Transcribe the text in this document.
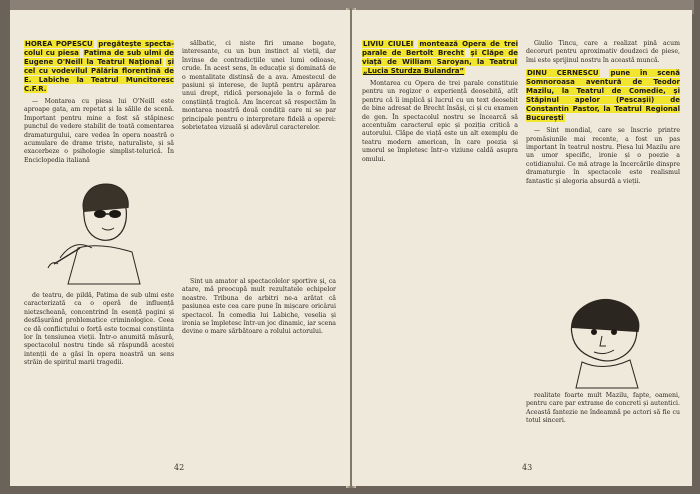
HOREA POPESCU pregătește specta-colul cu piesa Patima de sub ulmi de Eugene O'Neill la Teatrul Național și cel cu vodevilul Pălăria florentină de E. Labiche la Teatrul Muncitoresc C.F.R.

— Montarea cu piesa lui O'Neill este aproape gata, am repetat și la sălile de scenă. Important pentru mine a fost să stăpinesc punctul de vedere stabilit de toată comentarea dramaturgului, care vedea în opera noastră o acumulare de drame triste, naturaliste, și să exacerbeze o psihologie simplist-telurică. În Enciclopedia italiană

de teatru, de pildă, Patima de sub ulmi este caracterizată ca o operă de influență nietzscheană, concentrind în esență pagini și desfășurând problematice criminologice. Ceea ce dă conflictului o forță este tocmai conștiința lor în tensiunea vieții. Într-o anumită măsură, spectacolul nostru tinde să răspundă acestei intenții de a găsi în opera noastră un sens străin de spiritul marii tragedii.

sălbatic, ci niste firi umane bogate, interesante, cu un bun instinct al vieții, dar învinse de contradicțiile unei lumi odioase, crude. În acest sens, în educație și dominată de o mentalitate distinsă de a ava. Amestecul de pasiuni și interese, de luptă pentru apărarea unui drept, ridică personajele la o formă de conștiință tragică. Am încercat să respectăm în montarea noastră două condiții care ni se par principale pentru o interpretare fidelă a operei: sobrietatea vizuală și adevărul caracterelor.

Sint un amator al spectacolelor sportive și, ca atare, mă preocupă mult rezultatele echipelor noastre. Tribuna de arbitri ne-a arătat că pasiunea este cea care pune în mișcare oricârui spectacol. În comedia lui Labiche, veselia și ironia se împletesc într-un joc dinamic, iar scena devine o mare sărbătoare a rolului actorului.

42
LIVIU CIULEI montează Opera de trei parale de Bertolt Brecht și Clăpe de viață de William Saroyan, la Teatrul „Lucia Sturdza Bulandra”

Montarea cu Opera de trei parale constituie pentru un regizor o experiență deosebită, atît pentru că îi implică și lucrul cu un text deosebit de bine adresat de Brecht însăși, ci și cu examen de gen. În spectacolul nostru se încearcă să accentuăm caracterul epic și poziția critică a autorului. Clăpe de viață este un alt exemplu de teatru modern american, în care poezia și umorul se împletesc într-o viziune caldă asupra omului.

Giulio Tincu, care a realizat pină acum decoruri pentru aproximativ doudzeci de piese, îmi este sprijinul nostru în această muncă.

DINU CERNESCU pune în scenă Somnoroasa aventură de Teodor Mazilu, la Teatrul de Comedie, și Stăpinul apelor (Pescașii) de Constantin Pastor, la Teatrul Regional București

— Sint mondial, care se înscrie printre promăsiunile mai recente, a fost un pas important în teatrul nostru. Piesa lui Mazilu are un umor specific, ironie și o poezie a cotidianului. Ce mă atrage la încercările dinspre dramaturgie în spectacole este realismul fantastic și alegoria absurdă a vieții.

realitate foarte mult Mazilu, fapte, oameni, pentru care par extrame de concreti și autentici. Această fantezie ne îndeamnă pe actori să fie cu totul sinceri.

43
